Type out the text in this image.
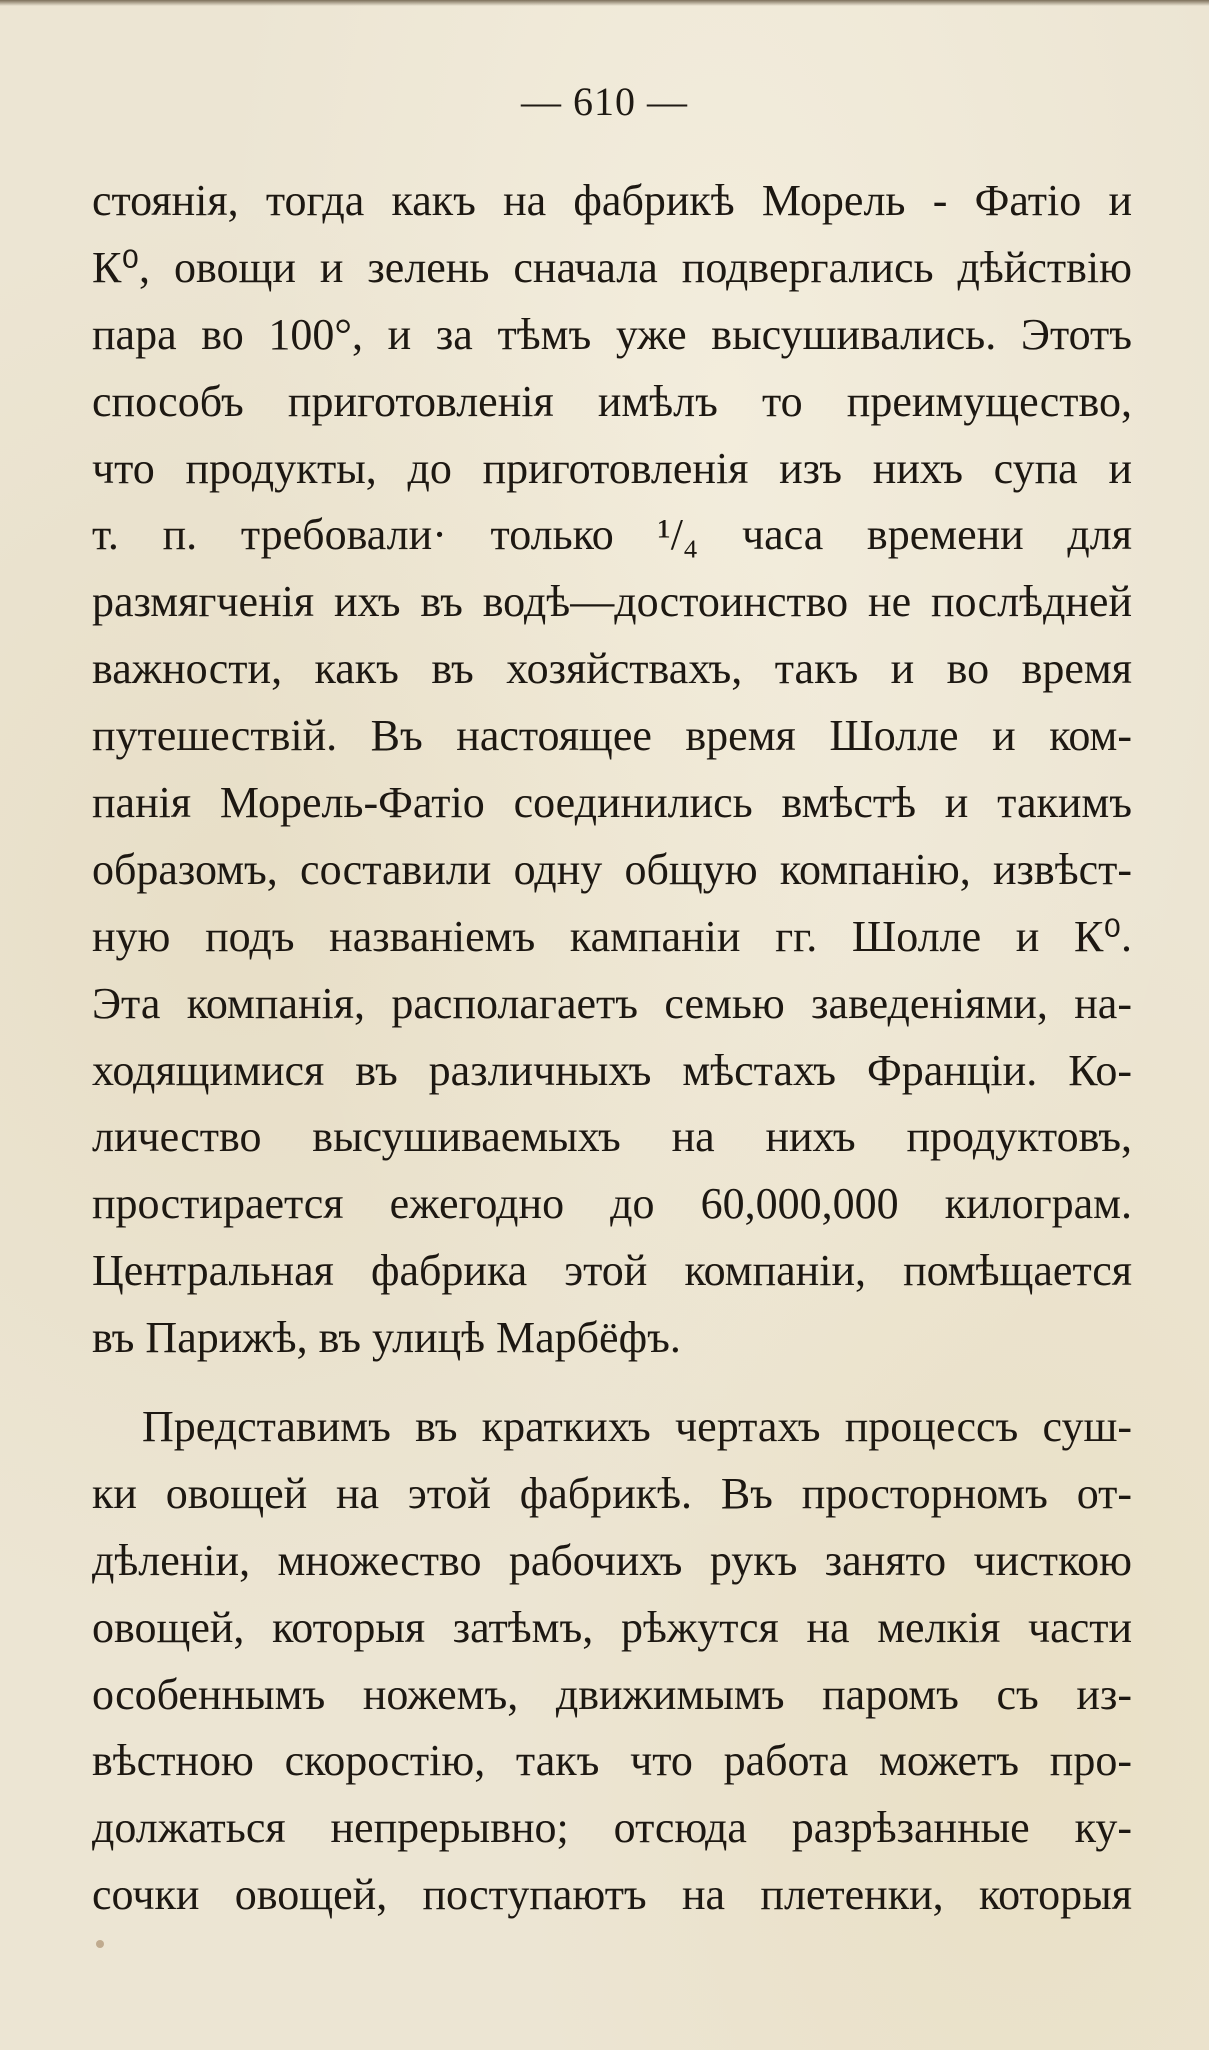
— 610 —
стоянія, тогда какъ на фабрикѣ Морель - Фатіо и
К⁰, овощи и зелень сначала подвергались дѣйствію
пара во 100°, и за тѣмъ уже высушивались. Этотъ
способъ приготовленія имѣлъ то преимущество,
что продукты, до приготовленія изъ нихъ супа и
т. п. требовали· только ¹/₄ часа времени для
размягченія ихъ въ водѣ—достоинство не послѣдней
важности, какъ въ хозяйствахъ, такъ и во время
путешествій. Въ настоящее время Шолле и ком-
панія Морель-Фатіо соединились вмѣстѣ и такимъ
образомъ, составили одну общую компанію, извѣст-
ную подъ названіемъ кампаніи гг. Шолле и К⁰.
Эта компанія, располагаетъ семью заведеніями, на-
ходящимися въ различныхъ мѣстахъ Франціи. Ко-
личество высушиваемыхъ на нихъ продуктовъ,
простирается ежегодно до 60,000,000 килограм.
Центральная фабрика этой компаніи, помѣщается
въ Парижѣ, въ улицѣ Марбёфъ.
Представимъ въ краткихъ чертахъ процессъ суш-
ки овощей на этой фабрикѣ. Въ просторномъ от-
дѣленіи, множество рабочихъ рукъ занято чисткою
овощей, которыя затѣмъ, рѣжутся на мелкія части
особеннымъ ножемъ, движимымъ паромъ съ из-
вѣстною скоростію, такъ что работа можетъ про-
должаться непрерывно; отсюда разрѣзанные ку-
сочки овощей, поступаютъ на плетенки, которыя
